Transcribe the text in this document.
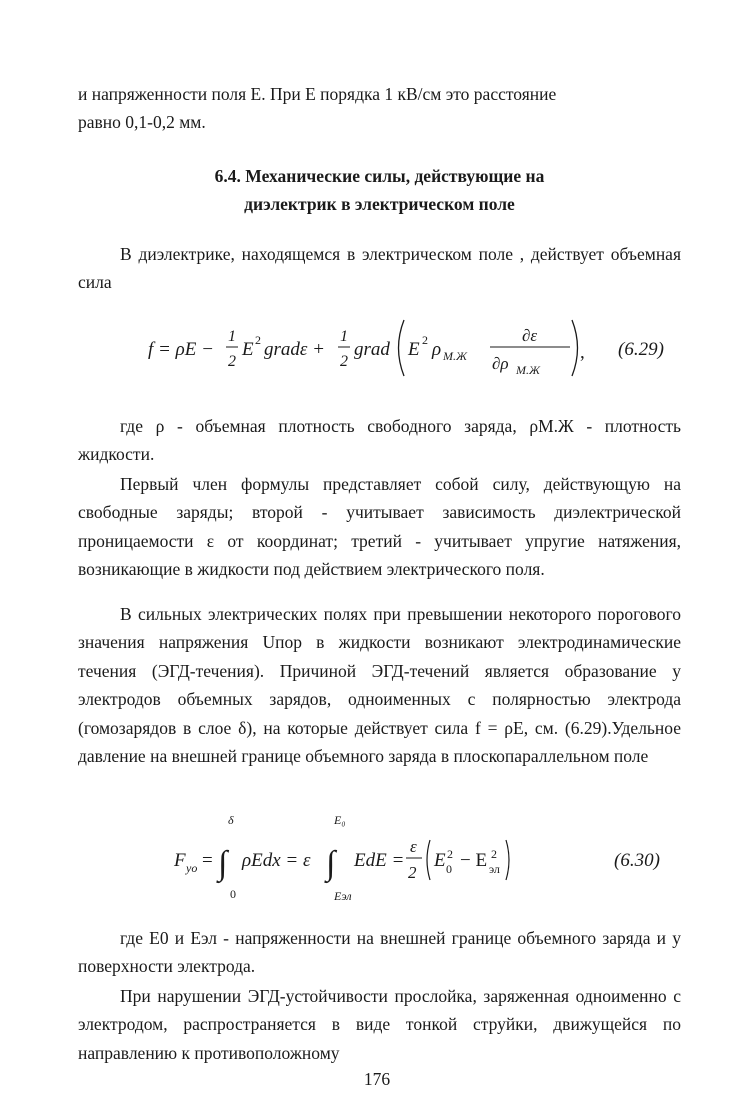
и напряженности поля E. При E порядка 1 кВ/см это расстояние

равно 0,1-0,2 мм.

6.4. Механические силы, действующие на
диэлектрик в электрическом поле

В диэлектрике, находящемся в электрическом поле , действует объемная сила

f = ρE −
1
2
E 2 gradε +
1
2
grad E 2 ρ М.Ж
∂ε
∂ρ М.Ж
, (6.29)

где ρ - объемная плотность свободного заряда, ρМ.Ж - плотность жидкости.

Первый член формулы представляет собой силу, действующую на свободные заряды; второй - учитывает зависимость диэлектрической проницаемости ε от координат; третий - учитывает упругие натяжения, возникающие в жидкости под действием электрического поля.

В сильных электрических полях при превышении некоторого порогового значения напряжения Uпор в жидкости возникают электродинамические течения (ЭГД-течения). Причиной ЭГД-течений является образование у электродов объемных зарядов, одноименных с полярностью электрода (гомозарядов в слое δ), на которые действует сила f = ρE, см. (6.29).Удельное давление на внешней границе объемного заряда в плоскопараллельном поле

F уо =
δ
∫
0
ρEdx = ε
E₀
∫
Eэл
EdE =
ε
2
E 2
0 − E 2
эл	(6.30)

где E0 и Eэл - напряженности на внешней границе объемного заряда и у поверхности электрода.

При нарушении ЭГД-устойчивости прослойка, заряженная одноименно с электродом, распространяется в виде тонкой струйки, движущейся по направлению к противоположному

176
